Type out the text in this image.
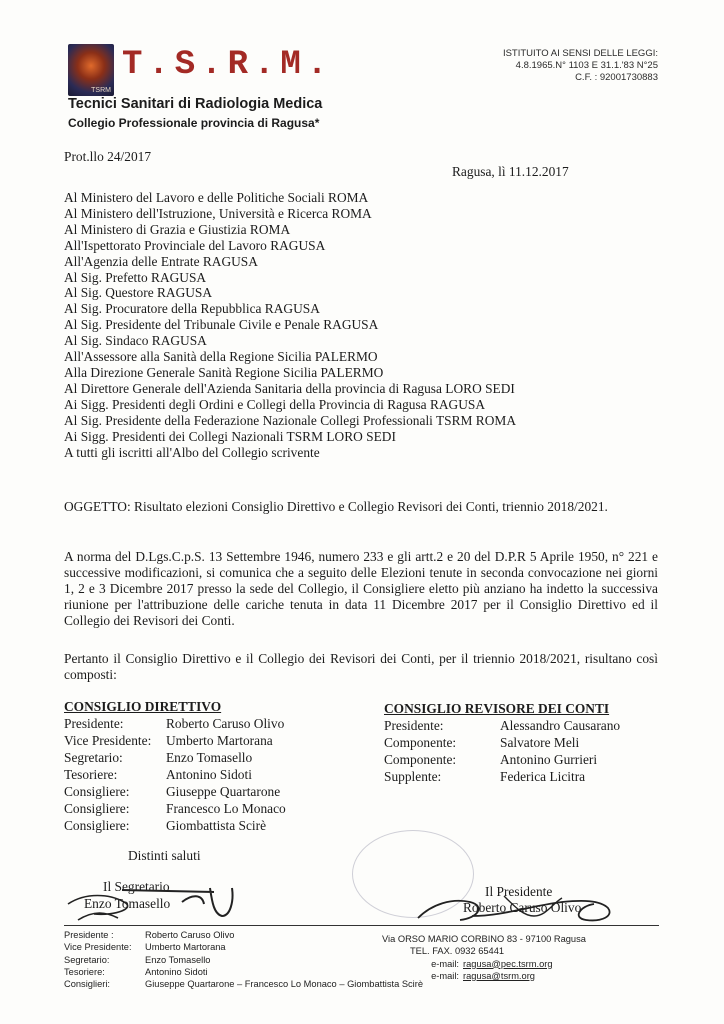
TSRM
T.S.R.M.
Tecnici Sanitari di Radiologia Medica
Collegio Professionale provincia di Ragusa*
ISTITUITO AI SENSI DELLE LEGGI:
4.8.1965.N° 1103 E 31.1.'83 N°25
C.F. : 92001730883
Prot.llo 24/2017
Ragusa, lì 11.12.2017
Al Ministero del Lavoro e delle Politiche Sociali ROMA
Al Ministero dell'Istruzione, Università e Ricerca ROMA
Al Ministero di Grazia e Giustizia ROMA
All'Ispettorato Provinciale del Lavoro RAGUSA
All'Agenzia delle Entrate RAGUSA
Al Sig. Prefetto RAGUSA
Al Sig. Questore RAGUSA
Al Sig. Procuratore della Repubblica RAGUSA
Al Sig. Presidente del Tribunale Civile e Penale RAGUSA
Al Sig. Sindaco RAGUSA
All'Assessore alla Sanità della Regione Sicilia PALERMO
Alla Direzione Generale Sanità Regione Sicilia PALERMO
Al Direttore Generale dell'Azienda Sanitaria della provincia di Ragusa LORO SEDI
Ai Sigg. Presidenti degli Ordini e Collegi della Provincia di Ragusa RAGUSA
Al Sig. Presidente della Federazione Nazionale Collegi Professionali TSRM ROMA
Ai Sigg. Presidenti dei Collegi Nazionali TSRM LORO SEDI
A tutti gli iscritti all'Albo del Collegio scrivente
OGGETTO: Risultato elezioni Consiglio Direttivo e Collegio Revisori dei Conti, triennio 2018/2021.
A norma del D.Lgs.C.p.S. 13 Settembre 1946, numero 233 e gli artt.2 e 20 del D.P.R 5 Aprile 1950, n° 221 e successive modificazioni, si comunica che a seguito delle Elezioni tenute in seconda convocazione nei giorni 1, 2 e 3 Dicembre 2017 presso la sede del Collegio, il Consigliere eletto più anziano ha indetto la successiva riunione per l'attribuzione delle cariche tenuta in data 11 Dicembre 2017 per il Consiglio Direttivo ed il Collegio dei Revisori dei Conti.
Pertanto il Consiglio Direttivo e il Collegio dei Revisori dei Conti, per il triennio 2018/2021, risultano così composti:
CONSIGLIO DIRETTIVO
Presidente:	Roberto Caruso Olivo
Vice Presidente:	Umberto Martorana
Segretario:	Enzo Tomasello
Tesoriere:	Antonino Sidoti
Consigliere:	Giuseppe Quartarone
Consigliere:	Francesco Lo Monaco
Consigliere:	Giombattista Scirè
CONSIGLIO REVISORE DEI CONTI
Presidente:	Alessandro Causarano
Componente:	Salvatore Meli
Componente:	Antonino Gurrieri
Supplente:	Federica Licitra
Distinti saluti
Il Segretario
Enzo Tomasello
Il Presidente
Roberto Caruso Olivo
Presidente :	Roberto Caruso Olivo
Vice Presidente:	Umberto Martorana
Segretario:	Enzo Tomasello
Tesoriere:	Antonino Sidoti
Consiglieri:	Giuseppe Quartarone – Francesco Lo Monaco – Giombattista Scirè
Via ORSO MARIO CORBINO 83 - 97100 Ragusa
TEL. FAX. 0932 65441
e-mail: ragusa@pec.tsrm.org
e-mail: ragusa@tsrm.org
